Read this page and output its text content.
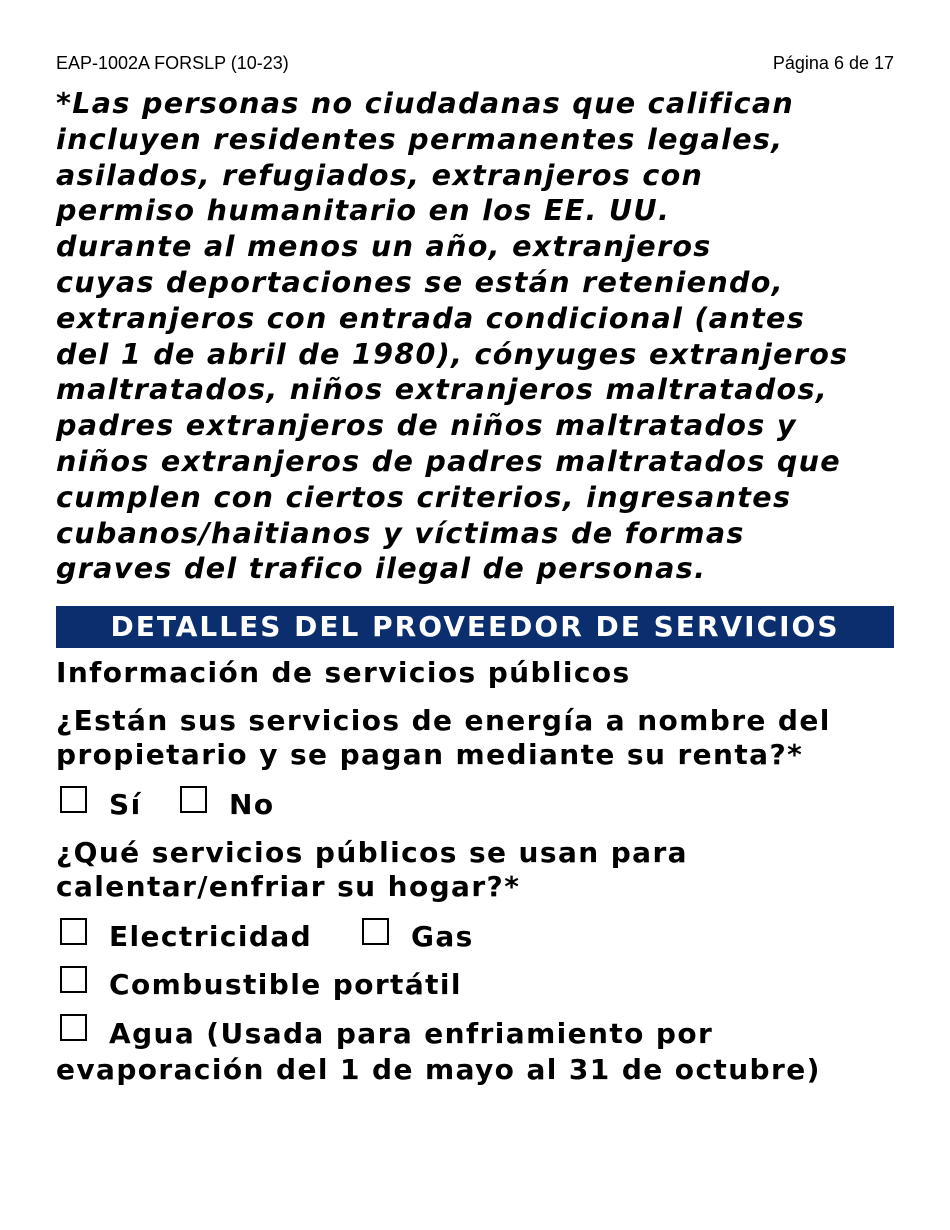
EAP-1002A FORSLP (10-23)	Página 6 de 17

*Las personas no ciudadanas que califican
incluyen residentes permanentes legales,
asilados, refugiados, extranjeros con
permiso humanitario en los EE. UU.
durante al menos un año, extranjeros
cuyas deportaciones se están reteniendo,
extranjeros con entrada condicional (antes
del 1 de abril de 1980), cónyuges extranjeros
maltratados, niños extranjeros maltratados,
padres extranjeros de niños maltratados y
niños extranjeros de padres maltratados que
cumplen con ciertos criterios, ingresantes
cubanos/haitianos y víctimas de formas
graves del trafico ilegal de personas.

DETALLES DEL PROVEEDOR DE SERVICIOS
Información de servicios públicos

¿Están sus servicios de energía a nombre del
propietario y se pagan mediante su renta?*

Sí	No

¿Qué servicios públicos se usan para
calentar/enfriar su hogar?*

Electricidad	Gas
Combustible portátil

Agua (Usada para enfriamiento por evaporación del 1 de mayo al 31 de octubre)
